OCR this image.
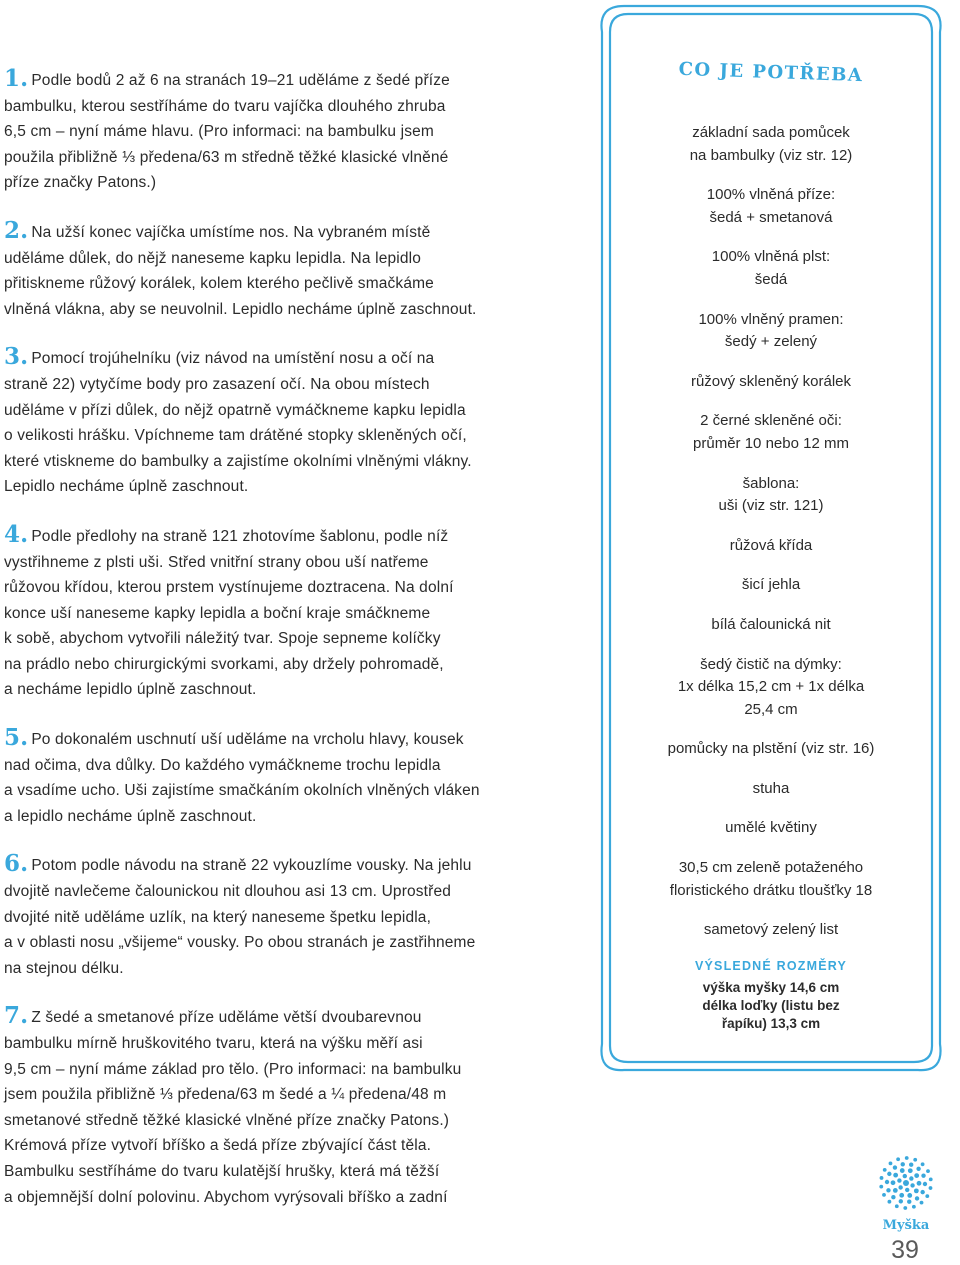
1. Podle bodů 2 až 6 na stranách 19–21 uděláme z šedé příze
bambulku, kterou sestříháme do tvaru vajíčka dlouhého zhruba
6,5 cm – nyní máme hlavu. (Pro informaci: na bambulku jsem
použila přibližně ⅓ předena/63 m středně těžké klasické vlněné
příze značky Patons.)
2. Na užší konec vajíčka umístíme nos. Na vybraném místě
uděláme důlek, do nějž naneseme kapku lepidla. Na lepidlo
přitiskneme růžový korálek, kolem kterého pečlivě smačkáme
vlněná vlákna, aby se neuvolnil. Lepidlo necháme úplně zaschnout.
3. Pomocí trojúhelníku (viz návod na umístění nosu a očí na
straně 22) vytyčíme body pro zasazení očí. Na obou místech
uděláme v přízi důlek, do nějž opatrně vymáčkneme kapku lepidla
o velikosti hrášku. Vpíchneme tam drátěné stopky skleněných očí,
které vtiskneme do bambulky a zajistíme okolními vlněnými vlákny.
Lepidlo necháme úplně zaschnout.
4. Podle předlohy na straně 121 zhotovíme šablonu, podle níž
vystřihneme z plsti uši. Střed vnitřní strany obou uší natřeme
růžovou křídou, kterou prstem vystínujeme doztracena. Na dolní
konce uší naneseme kapky lepidla a boční kraje smáčkneme
k sobě, abychom vytvořili náležitý tvar. Spoje sepneme kolíčky
na prádlo nebo chirurgickými svorkami, aby držely pohromadě,
a necháme lepidlo úplně zaschnout.
5. Po dokonalém uschnutí uší uděláme na vrcholu hlavy, kousek
nad očima, dva důlky. Do každého vymáčkneme trochu lepidla
a vsadíme ucho. Uši zajistíme smačkáním okolních vlněných vláken
a lepidlo necháme úplně zaschnout.
6. Potom podle návodu na straně 22 vykouzlíme vousky. Na jehlu
dvojitě navlečeme čalounickou nit dlouhou asi 13 cm. Uprostřed
dvojité nitě uděláme uzlík, na který naneseme špetku lepidla,
a v oblasti nosu „všijeme“ vousky. Po obou stranách je zastřihneme
na stejnou délku.
7. Z šedé a smetanové příze uděláme větší dvoubarevnou
bambulku mírně hruškovitého tvaru, která na výšku měří asi
9,5 cm – nyní máme základ pro tělo. (Pro informaci: na bambulku
jsem použila přibližně ⅓ předena/63 m šedé a ¼ předena/48 m
smetanové středně těžké klasické vlněné příze značky Patons.)
Krémová příze vytvoří bříško a šedá příze zbývající část těla.
Bambulku sestříháme do tvaru kulatější hrušky, která má těžší
a objemnější dolní polovinu. Abychom vyrýsovali bříško a zadní
CO JE POTŘEBA
základní sada pomůcek
na bambulky (viz str. 12)
100% vlněná příze:
šedá + smetanová
100% vlněná plst:
šedá
100% vlněný pramen:
šedý + zelený
růžový skleněný korálek
2 černé skleněné oči:
průměr 10 nebo 12 mm
šablona:
uši (viz str. 121)
růžová křída
šicí jehla
bílá čalounická nit
šedý čistič na dýmky:
1x délka 15,2 cm + 1x délka
25,4 cm
pomůcky na plstění (viz str. 16)
stuha
umělé květiny
30,5 cm zeleně potaženého
floristického drátku tloušťky 18
sametový zelený list
VÝSLEDNÉ ROZMĚRY
výška myšky 14,6 cm
délka loďky (listu bez
řapíku) 13,3 cm
Myška
39
